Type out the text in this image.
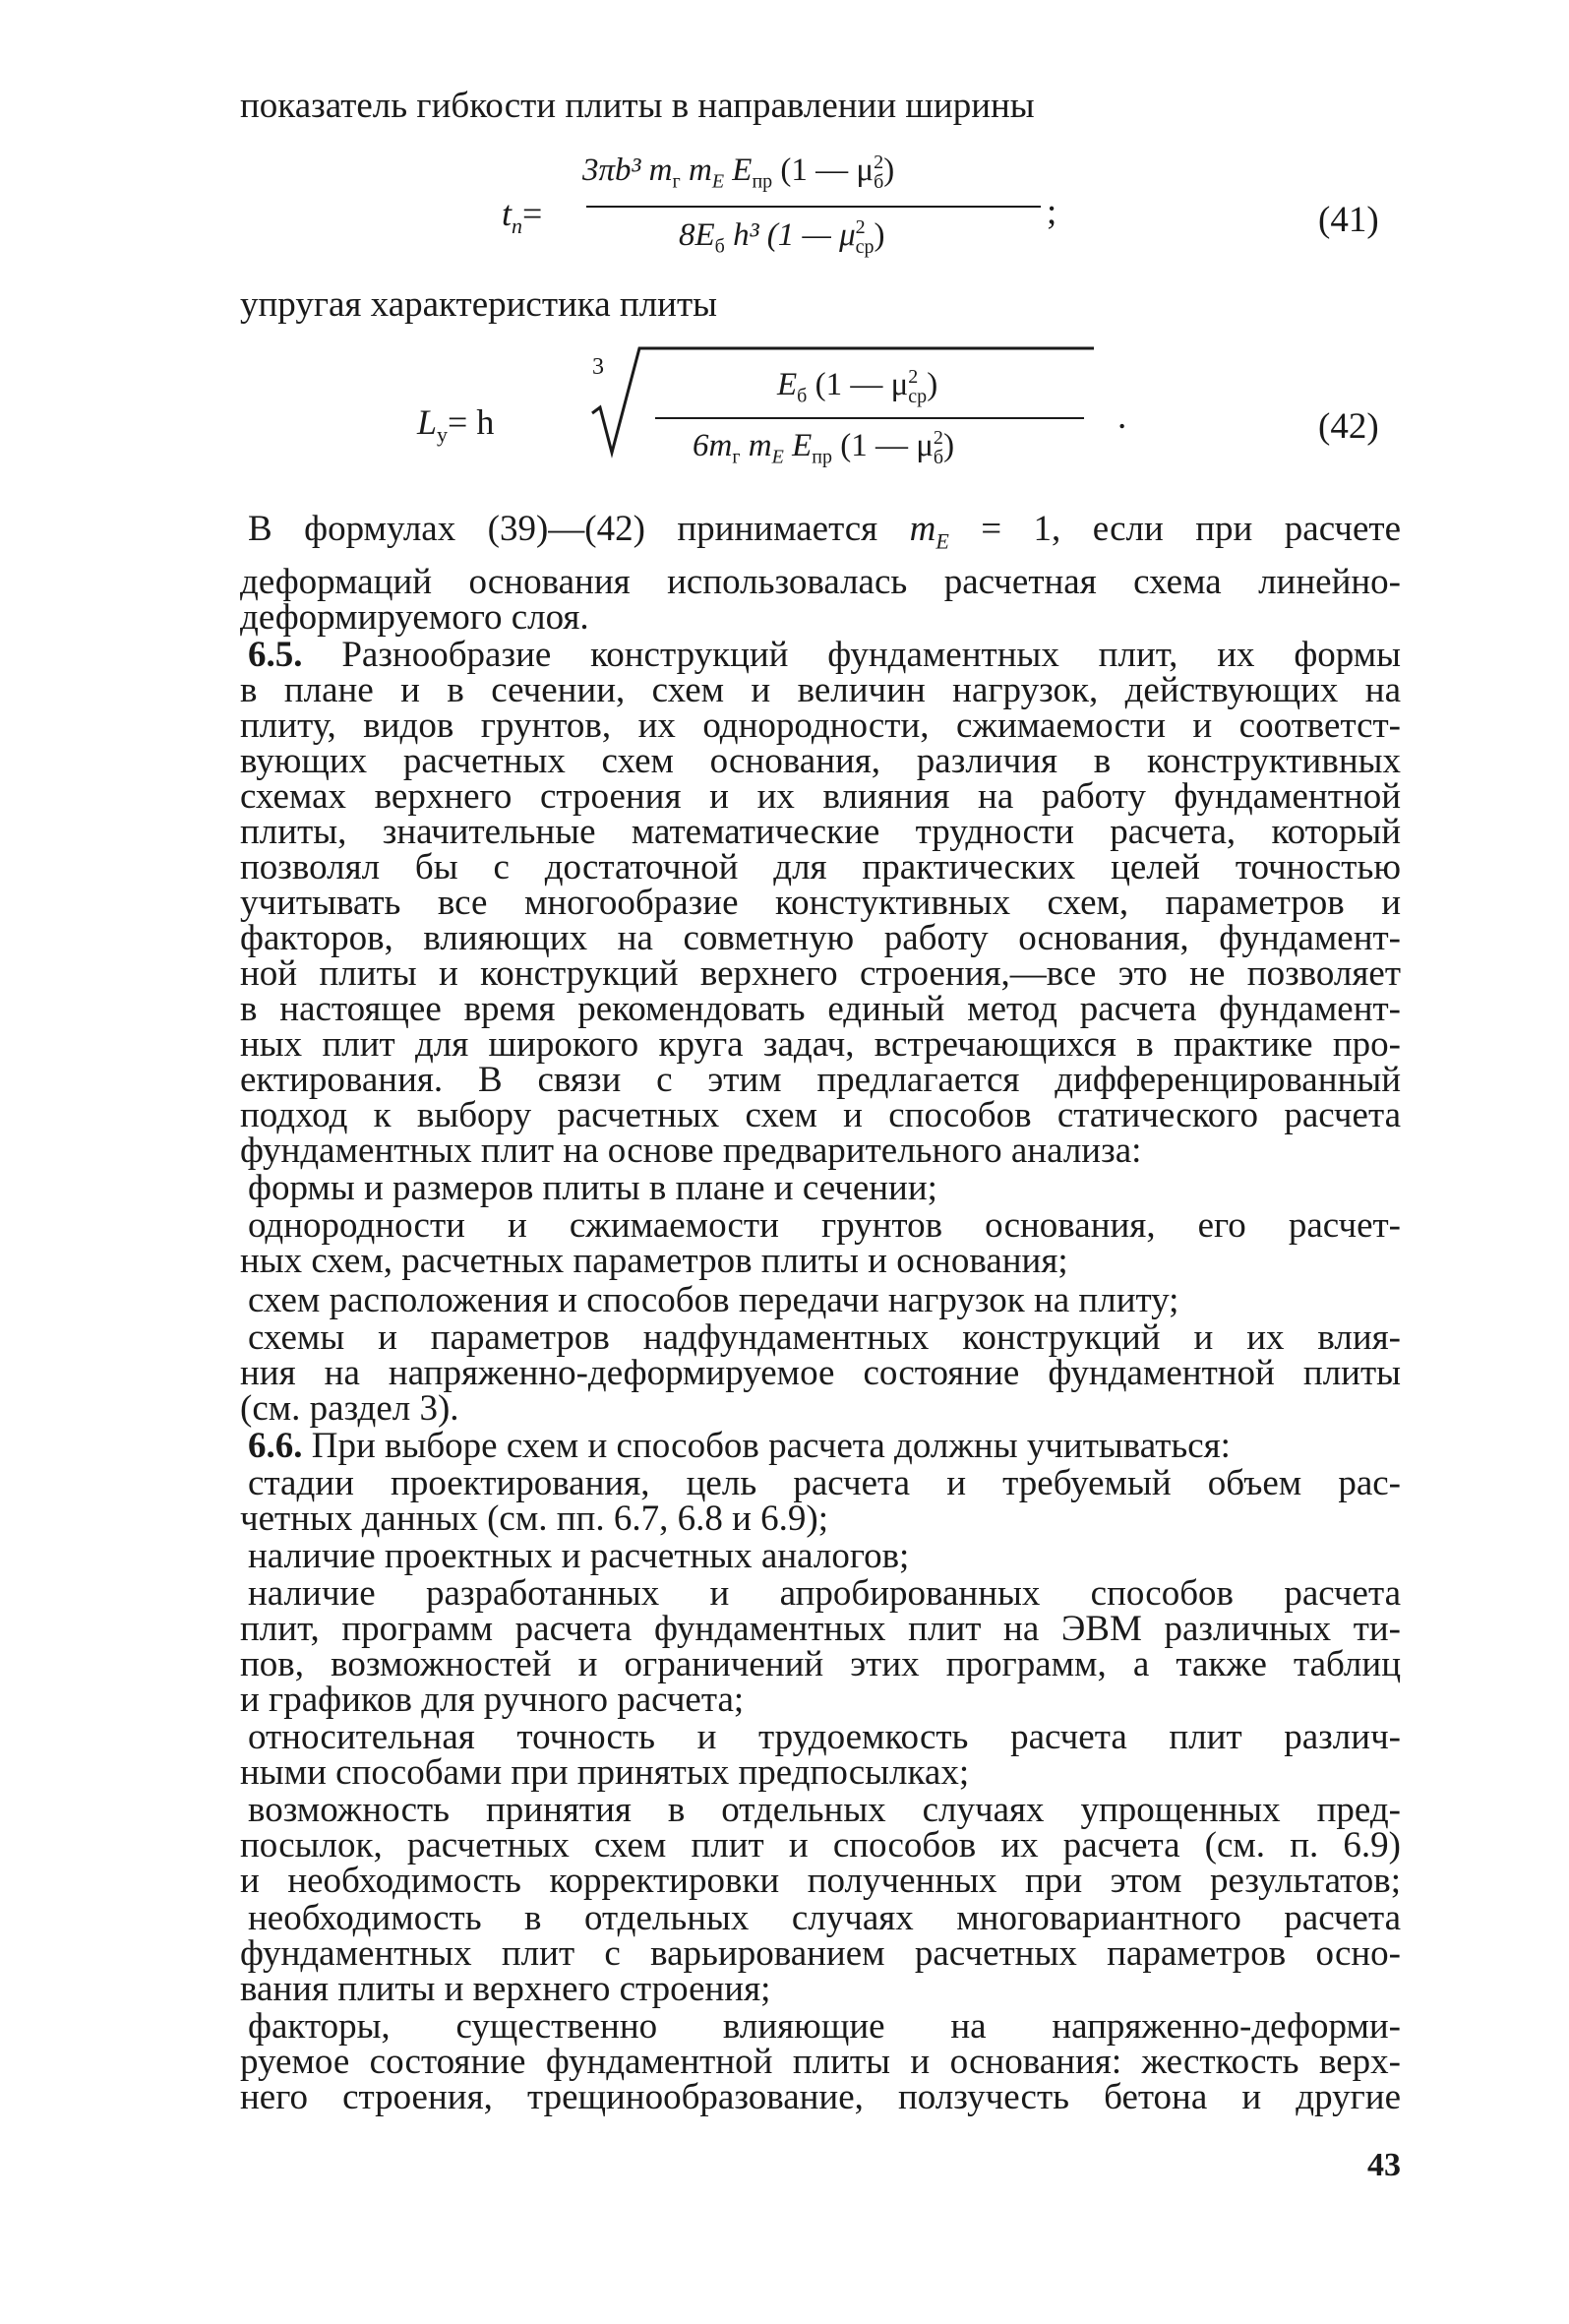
показатель гибкости плиты в направлении ширины
$t_n=$
3πb³ $m_г$ $m_E$ $E_{пр}$ (1 — $\mu^2_б$)
$8E_б$ h³ (1 — $\mu^2_{ср}$)
;	(41)
упругая характеристика плиты
$L_у= h$
3	$E_б$ (1 — $\mu^2_{ср}$)
$6m_г$ $m_E$ $E_{пр}$ (1 — $\mu^2_б$)
.	(42)
В формулах (39)—(42) принимается $m_E = 1$, если при расчете
деформаций основания использовалась расчетная схема линейно-
деформируемого слоя.
6.5. Разнообразие конструкций фундаментных плит, их формы
в плане и в сечении, схем и величин нагрузок, действующих на
плиту, видов грунтов, их однородности, сжимаемости и соответст-
вующих расчетных схем основания, различия в конструктивных
схемах верхнего строения и их влияния на работу фундаментной
плиты, значительные математические трудности расчета, который
позволял бы с достаточной для практических целей точностью
учитывать все многообразие констуктивных схем, параметров и
факторов, влияющих на совметную работу основания, фундамент-
ной плиты и конструкций верхнего строения,—все это не позволяет
в настоящее время рекомендовать единый метод расчета фундамент-
ных плит для широкого круга задач, встречающихся в практике про-
ектирования. В связи с этим предлагается дифференцированный
подход к выбору расчетных схем и способов статического расчета
фундаментных плит на основе предварительного анализа:
формы и размеров плиты в плане и сечении;
однородности и сжимаемости грунтов основания, его расчет-
ных схем, расчетных параметров плиты и основания;
схем расположения и способов передачи нагрузок на плиту;
схемы и параметров надфундаментных конструкций и их влия-
ния на напряженно-деформируемое состояние фундаментной плиты
(см. раздел 3).
6.6. При выборе схем и способов расчета должны учитываться:
стадии проектирования, цель расчета и требуемый объем рас-
четных данных (см. пп. 6.7, 6.8 и 6.9);
наличие проектных и расчетных аналогов;
наличие разработанных и апробированных способов расчета
плит, программ расчета фундаментных плит на ЭВМ различных ти-
пов, возможностей и ограничений этих программ, а также таблиц
и графиков для ручного расчета;
относительная точность и трудоемкость расчета плит различ-
ными способами при принятых предпосылках;
возможность принятия в отдельных случаях упрощенных пред-
посылок, расчетных схем плит и способов их расчета (см. п. 6.9)
и необходимость корректировки полученных при этом результатов;
необходимость в отдельных случаях многовариантного расчета
фундаментных плит с варьированием расчетных параметров осно-
вания плиты и верхнего строения;
факторы, существенно влияющие на напряженно-деформи-
руемое состояние фундаментной плиты и основания: жесткость верх-
него строения, трещинообразование, ползучесть бетона и другие
43
